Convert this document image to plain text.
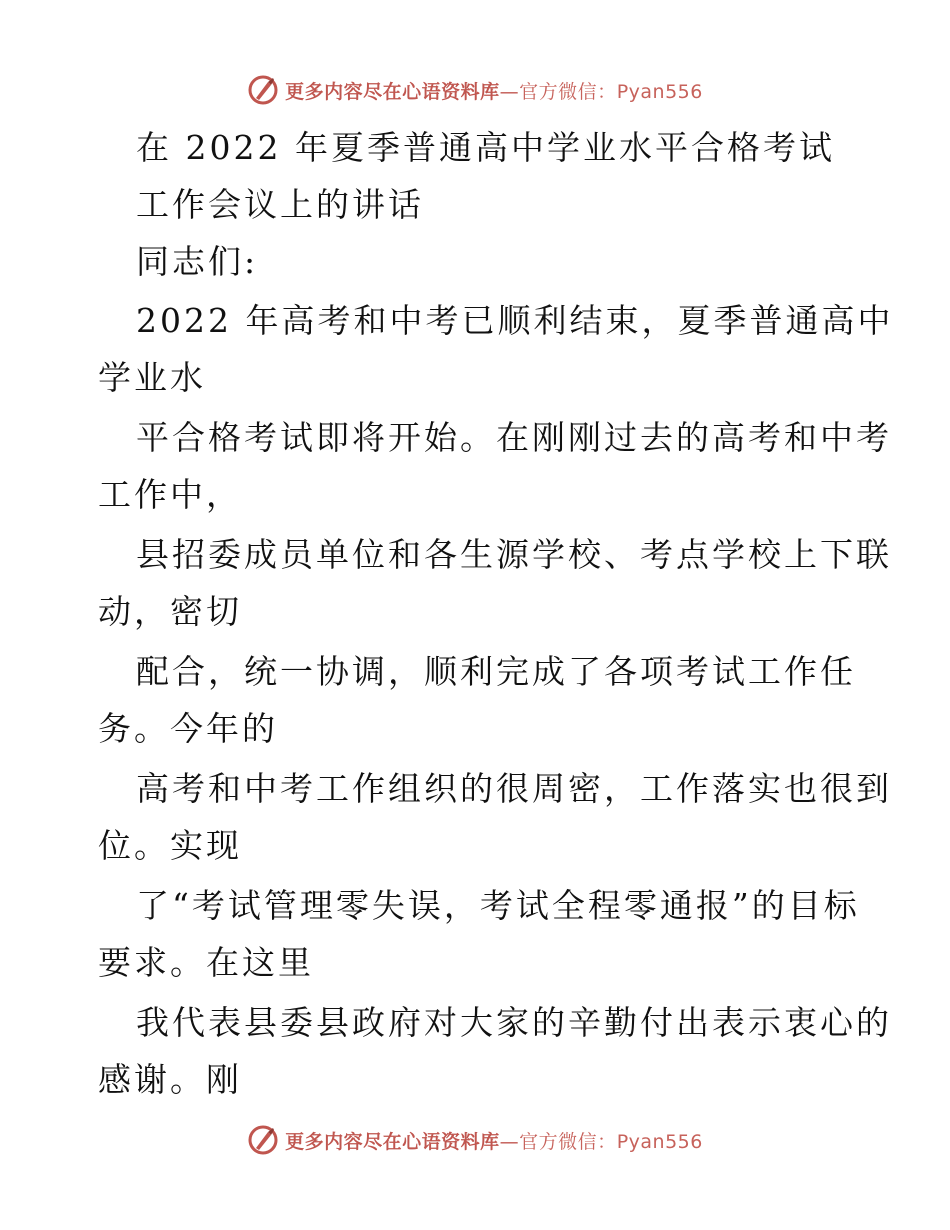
更多内容尽在心语资料库—官方微信：Pyan556
在 2022 年夏季普通高中学业水平合格考试
工作会议上的讲话
同志们:
2022 年高考和中考已顺利结束，夏季普通高中
学业水
平合格考试即将开始。在刚刚过去的高考和中考
工作中，
县招委成员单位和各生源学校、考点学校上下联
动，密切
配合，统一协调，顺利完成了各项考试工作任
务。今年的
高考和中考工作组织的很周密，工作落实也很到
位。实现
了“考试管理零失误，考试全程零通报”的目标
要求。在这里
我代表县委县政府对大家的辛勤付出表示衷心的
感谢。刚
更多内容尽在心语资料库—官方微信：Pyan556
